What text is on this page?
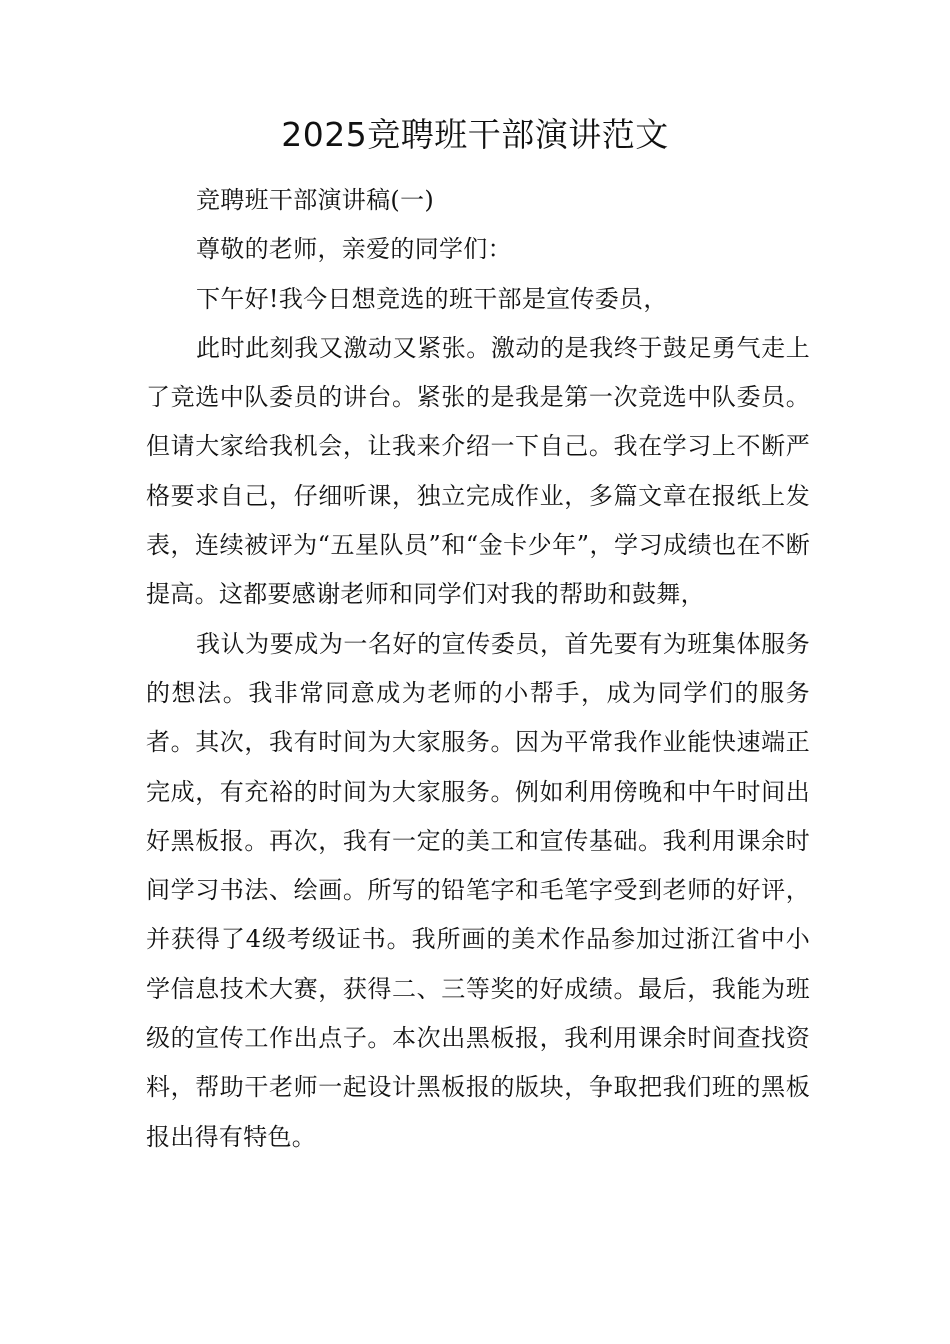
2025竞聘班干部演讲范文

竞聘班干部演讲稿(一)

尊敬的老师，亲爱的同学们：

下午好!我今日想竞选的班干部是宣传委员，

此时此刻我又激动又紧张。激动的是我终于鼓足勇气走上了竞选中队委员的讲台。紧张的是我是第一次竞选中队委员。但请大家给我机会，让我来介绍一下自己。我在学习上不断严格要求自己，仔细听课，独立完成作业，多篇文章在报纸上发表，连续被评为“五星队员”和“金卡少年”，学习成绩也在不断提高。这都要感谢老师和同学们对我的帮助和鼓舞，

我认为要成为一名好的宣传委员，首先要有为班集体服务的想法。我非常同意成为老师的小帮手，成为同学们的服务者。其次，我有时间为大家服务。因为平常我作业能快速端正完成，有充裕的时间为大家服务。例如利用傍晚和中午时间出好黑板报。再次，我有一定的美工和宣传基础。我利用课余时间学习书法、绘画。所写的铅笔字和毛笔字受到老师的好评，并获得了4级考级证书。我所画的美术作品参加过浙江省中小学信息技术大赛，获得二、三等奖的好成绩。最后，我能为班级的宣传工作出点子。本次出黑板报，我利用课余时间查找资料，帮助干老师一起设计黑板报的版块，争取把我们班的黑板报出得有特色。
